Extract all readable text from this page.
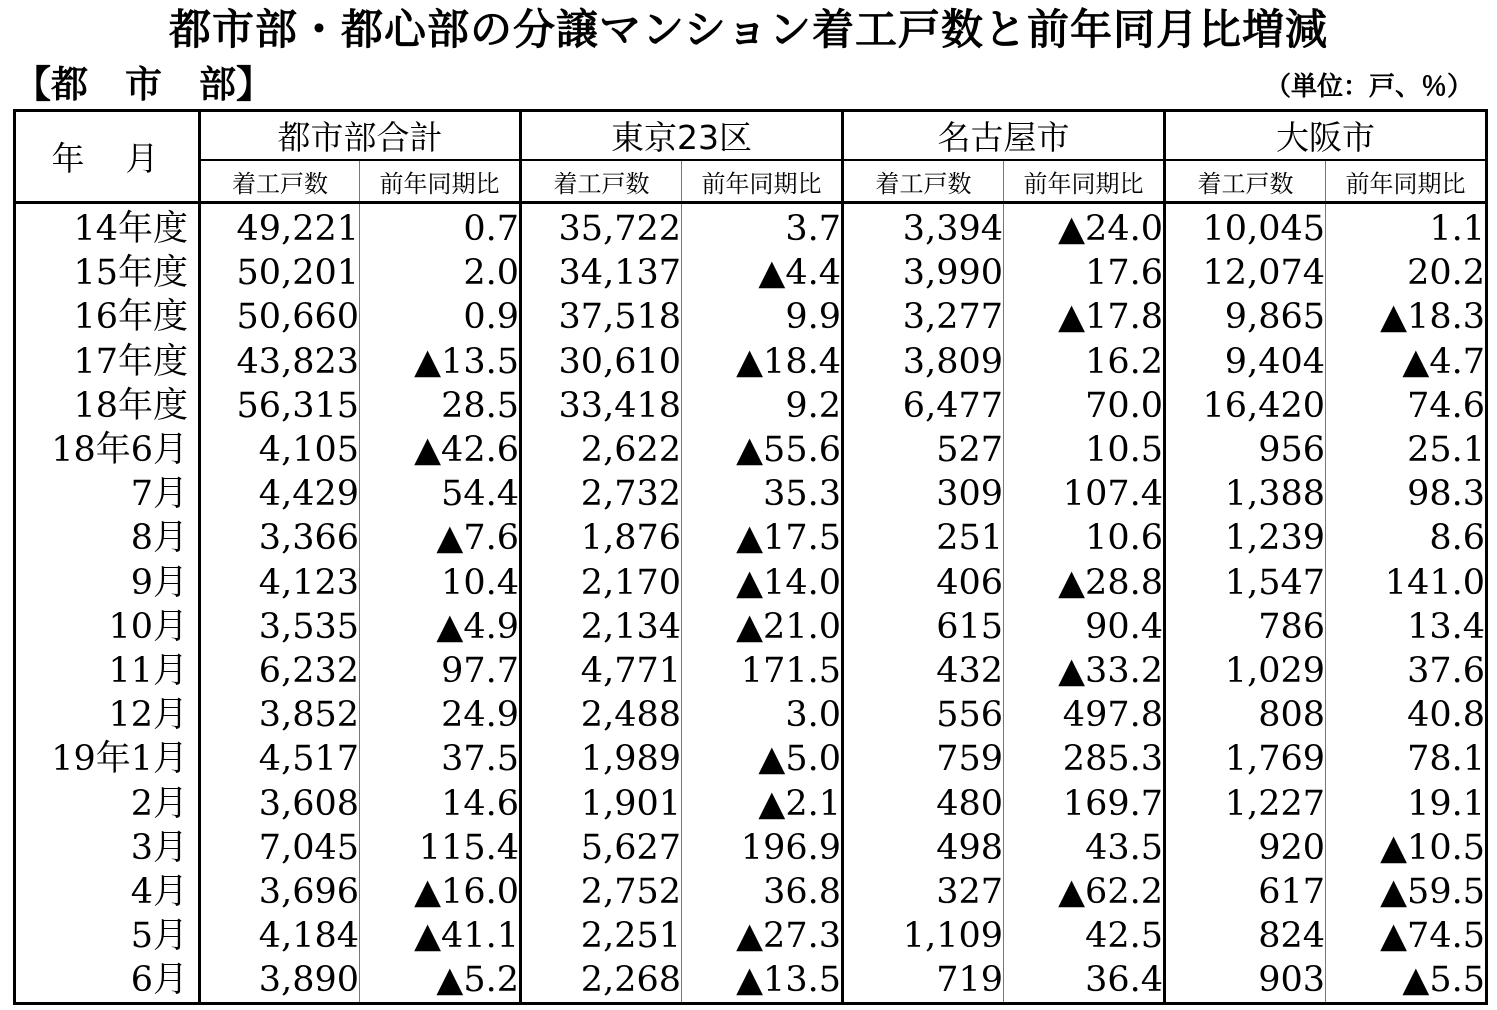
都市部・都心部の分譲マンション着工戸数と前年同月比増減
【都　市　部】	（単位：戸、％）
年　月	都市部合計		東京23区		名古屋市		大阪市	
	着工戸数	前年同期比	着工戸数	前年同期比	着工戸数	前年同期比	着工戸数	前年同期比
14年度	49,221	0.7	35,722	3.7	3,394	▲24.0	10,045	1.1
15年度	50,201	2.0	34,137	▲4.4	3,990	17.6	12,074	20.2
16年度	50,660	0.9	37,518	9.9	3,277	▲17.8	9,865	▲18.3
17年度	43,823	▲13.5	30,610	▲18.4	3,809	16.2	9,404	▲4.7
18年度	56,315	28.5	33,418	9.2	6,477	70.0	16,420	74.6
18年6月	4,105	▲42.6	2,622	▲55.6	527	10.5	956	25.1
7月	4,429	54.4	2,732	35.3	309	107.4	1,388	98.3
8月	3,366	▲7.6	1,876	▲17.5	251	10.6	1,239	8.6
9月	4,123	10.4	2,170	▲14.0	406	▲28.8	1,547	141.0
10月	3,535	▲4.9	2,134	▲21.0	615	90.4	786	13.4
11月	6,232	97.7	4,771	171.5	432	▲33.2	1,029	37.6
12月	3,852	24.9	2,488	3.0	556	497.8	808	40.8
19年1月	4,517	37.5	1,989	▲5.0	759	285.3	1,769	78.1
2月	3,608	14.6	1,901	▲2.1	480	169.7	1,227	19.1
3月	7,045	115.4	5,627	196.9	498	43.5	920	▲10.5
4月	3,696	▲16.0	2,752	36.8	327	▲62.2	617	▲59.5
5月	4,184	▲41.1	2,251	▲27.3	1,109	42.5	824	▲74.5
6月	3,890	▲5.2	2,268	▲13.5	719	36.4	903	▲5.5
